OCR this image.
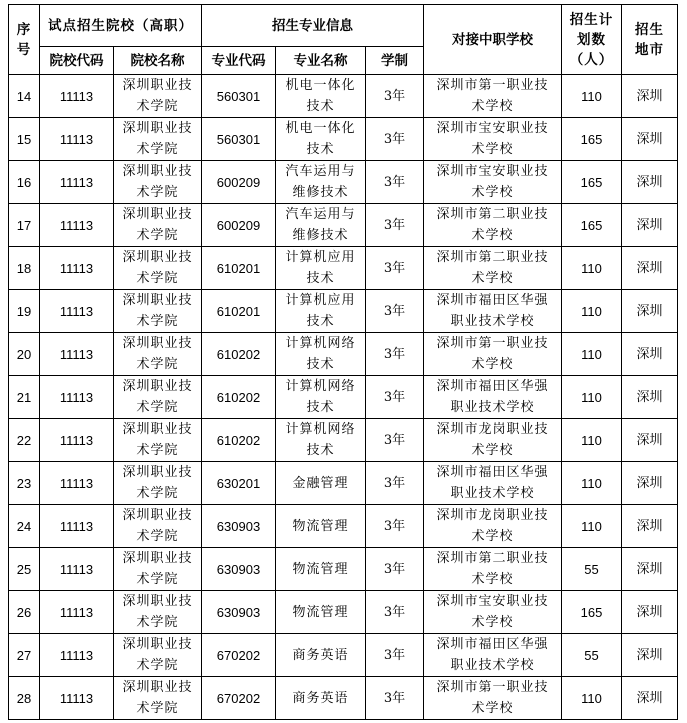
序号	试点招生院校（高职）		招生专业信息			对接中职学校	招生计划数（人）	招生地市

	院校代码	院校名称	专业代码	专业名称	学制			
14	11113	深圳职业技术学院	560301	机电一体化技术	3年	深圳市第一职业技术学校	110	深圳
15	11113	深圳职业技术学院	560301	机电一体化技术	3年	深圳市宝安职业技术学校	165	深圳
16	11113	深圳职业技术学院	600209	汽车运用与维修技术	3年	深圳市宝安职业技术学校	165	深圳
17	11113	深圳职业技术学院	600209	汽车运用与维修技术	3年	深圳市第二职业技术学校	165	深圳
18	11113	深圳职业技术学院	610201	计算机应用技术	3年	深圳市第二职业技术学校	110	深圳
19	11113	深圳职业技术学院	610201	计算机应用技术	3年	深圳市福田区华强职业技术学校	110	深圳
20	11113	深圳职业技术学院	610202	计算机网络技术	3年	深圳市第一职业技术学校	110	深圳
21	11113	深圳职业技术学院	610202	计算机网络技术	3年	深圳市福田区华强职业技术学校	110	深圳
22	11113	深圳职业技术学院	610202	计算机网络技术	3年	深圳市龙岗职业技术学校	110	深圳
23	11113	深圳职业技术学院	630201	金融管理	3年	深圳市福田区华强职业技术学校	110	深圳
24	11113	深圳职业技术学院	630903	物流管理	3年	深圳市龙岗职业技术学校	110	深圳
25	11113	深圳职业技术学院	630903	物流管理	3年	深圳市第二职业技术学校	55	深圳
26	11113	深圳职业技术学院	630903	物流管理	3年	深圳市宝安职业技术学校	165	深圳
27	11113	深圳职业技术学院	670202	商务英语	3年	深圳市福田区华强职业技术学校	55	深圳
28	11113	深圳职业技术学院	670202	商务英语	3年	深圳市第一职业技术学校	110	深圳
